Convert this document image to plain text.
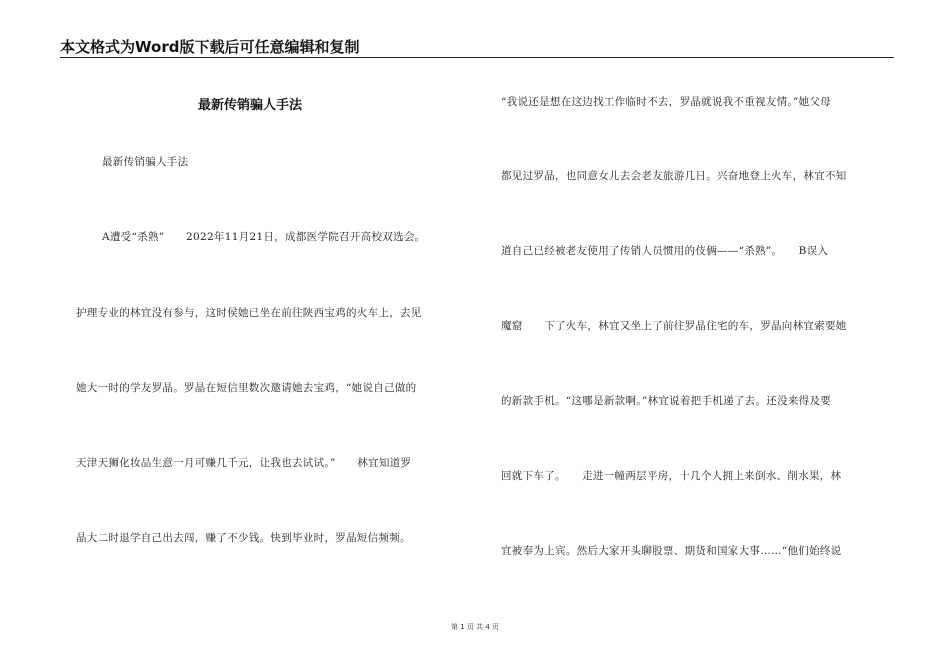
本文格式为Word版下载后可任意编辑和复制
最新传销骗人手法
最新传销骗人手法
A遭受“杀熟”　　2022年11月21日，成都医学院召开高校双选会。
护理专业的林宜没有参与，这时侯她已坐在前往陕西宝鸡的火车上，去见
她大一时的学友罗晶。罗晶在短信里数次邀请她去宝鸡，“她说自己做的
天津天狮化妆品生意一月可赚几千元，让我也去试试。”　　林宜知道罗
晶大二时退学自己出去闯，赚了不少钱。快到毕业时，罗晶短信频频。
“我说还是想在这边找工作临时不去，罗晶就说我不重视友情。”她父母
都见过罗晶，也同意女儿去会老友旅游几日。兴奋地登上火车，林宜不知
道自己已经被老友使用了传销人员惯用的伎俩——“杀熟”。　　B误入
魔窟　　下了火车，林宜又坐上了前往罗晶住宅的车，罗晶向林宜索要她
的新款手机。“这哪是新款啊。”林宜说着把手机递了去。还没来得及要
回就下车了。　　走进一幢两层平房，十几个人拥上来倒水、削水果，林
宜被奉为上宾。然后大家开头聊股票、期货和国家大事……“他们始终说
第 1 页 共 4 页
